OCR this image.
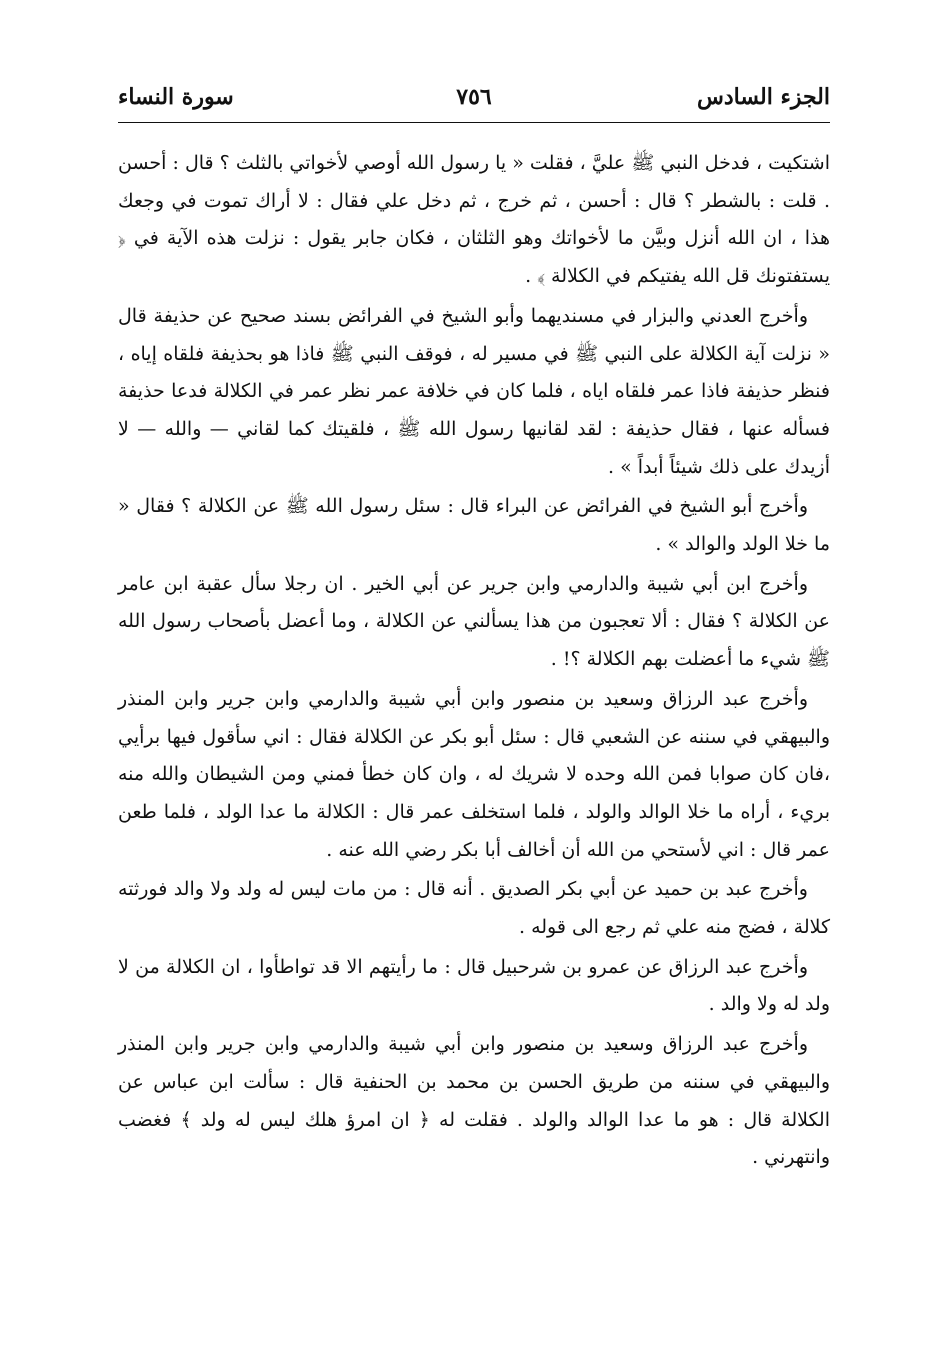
الجزء السادس
٧٥٦
سورة النساء

اشتكيت ، فدخل النبي ﷺ عليَّ ، فقلت « يا رسول الله أوصي لأخواتي بالثلث ؟ قال : أحسن . قلت : بالشطر ؟ قال : أحسن ، ثم خرج ، ثم دخل علي فقال : لا أراك تموت في وجعك هذا ، ان الله أنزل وبيَّن ما لأخواتك وهو الثلثان ، فكان جابر يقول : نزلت هذه الآية في ﴿ يستفتونك قل الله يفتيكم في الكلالة ﴾ .

وأخرج العدني والبزار في مسنديهما وأبو الشيخ في الفرائض بسند صحيح عن حذيفة قال « نزلت آية الكلالة على النبي ﷺ في مسير له ، فوقف النبي ﷺ فاذا هو بحذيفة فلقاه إياه ، فنظر حذيفة فاذا عمر فلقاه اياه ، فلما كان في خلافة عمر نظر عمر في الكلالة فدعا حذيفة فسأله عنها ، فقال حذيفة : لقد لقانيها رسول الله ﷺ ، فلقيتك كما لقاني — والله — لا أزيدك على ذلك شيئاً أبداً » .

وأخرج أبو الشيخ في الفرائض عن البراء قال : سئل رسول الله ﷺ عن الكلالة ؟ فقال « ما خلا الولد والوالد » .

وأخرج ابن أبي شيبة والدارمي وابن جرير عن أبي الخير . ان رجلا سأل عقبة ابن عامر عن الكلالة ؟ فقال : ألا تعجبون من هذا يسألني عن الكلالة ، وما أعضل بأصحاب رسول الله ﷺ شيء ما أعضلت بهم الكلالة ؟! .

وأخرج عبد الرزاق وسعيد بن منصور وابن أبي شيبة والدارمي وابن جرير وابن المنذر والبيهقي في سننه عن الشعبي قال : سئل أبو بكر عن الكلالة فقال : اني سأقول فيها برأيي ،فان كان صوابا فمن الله وحده لا شريك له ، وان كان خطأ فمني ومن الشيطان والله منه بريء ، أراه ما خلا الوالد والولد ، فلما استخلف عمر قال : الكلالة ما عدا الولد ، فلما طعن عمر قال : اني لأستحي من الله أن أخالف أبا بكر رضي الله عنه .

وأخرج عبد بن حميد عن أبي بكر الصديق . أنه قال : من مات ليس له ولد ولا والد فورثته كلالة ، فضج منه علي ثم رجع الى قوله .

وأخرج عبد الرزاق عن عمرو بن شرحبيل قال : ما رأيتهم الا قد تواطأوا ، ان الكلالة من لا ولد له ولا والد .

وأخرج عبد الرزاق وسعيد بن منصور وابن أبي شيبة والدارمي وابن جرير وابن المنذر والبيهقي في سننه من طريق الحسن بن محمد بن الحنفية قال : سألت ابن عباس عن الكلالة قال : هو ما عدا الوالد والولد . فقلت له ﴿ ان امرؤ هلك ليس له ولد ﴾ فغضب وانتهرني .
